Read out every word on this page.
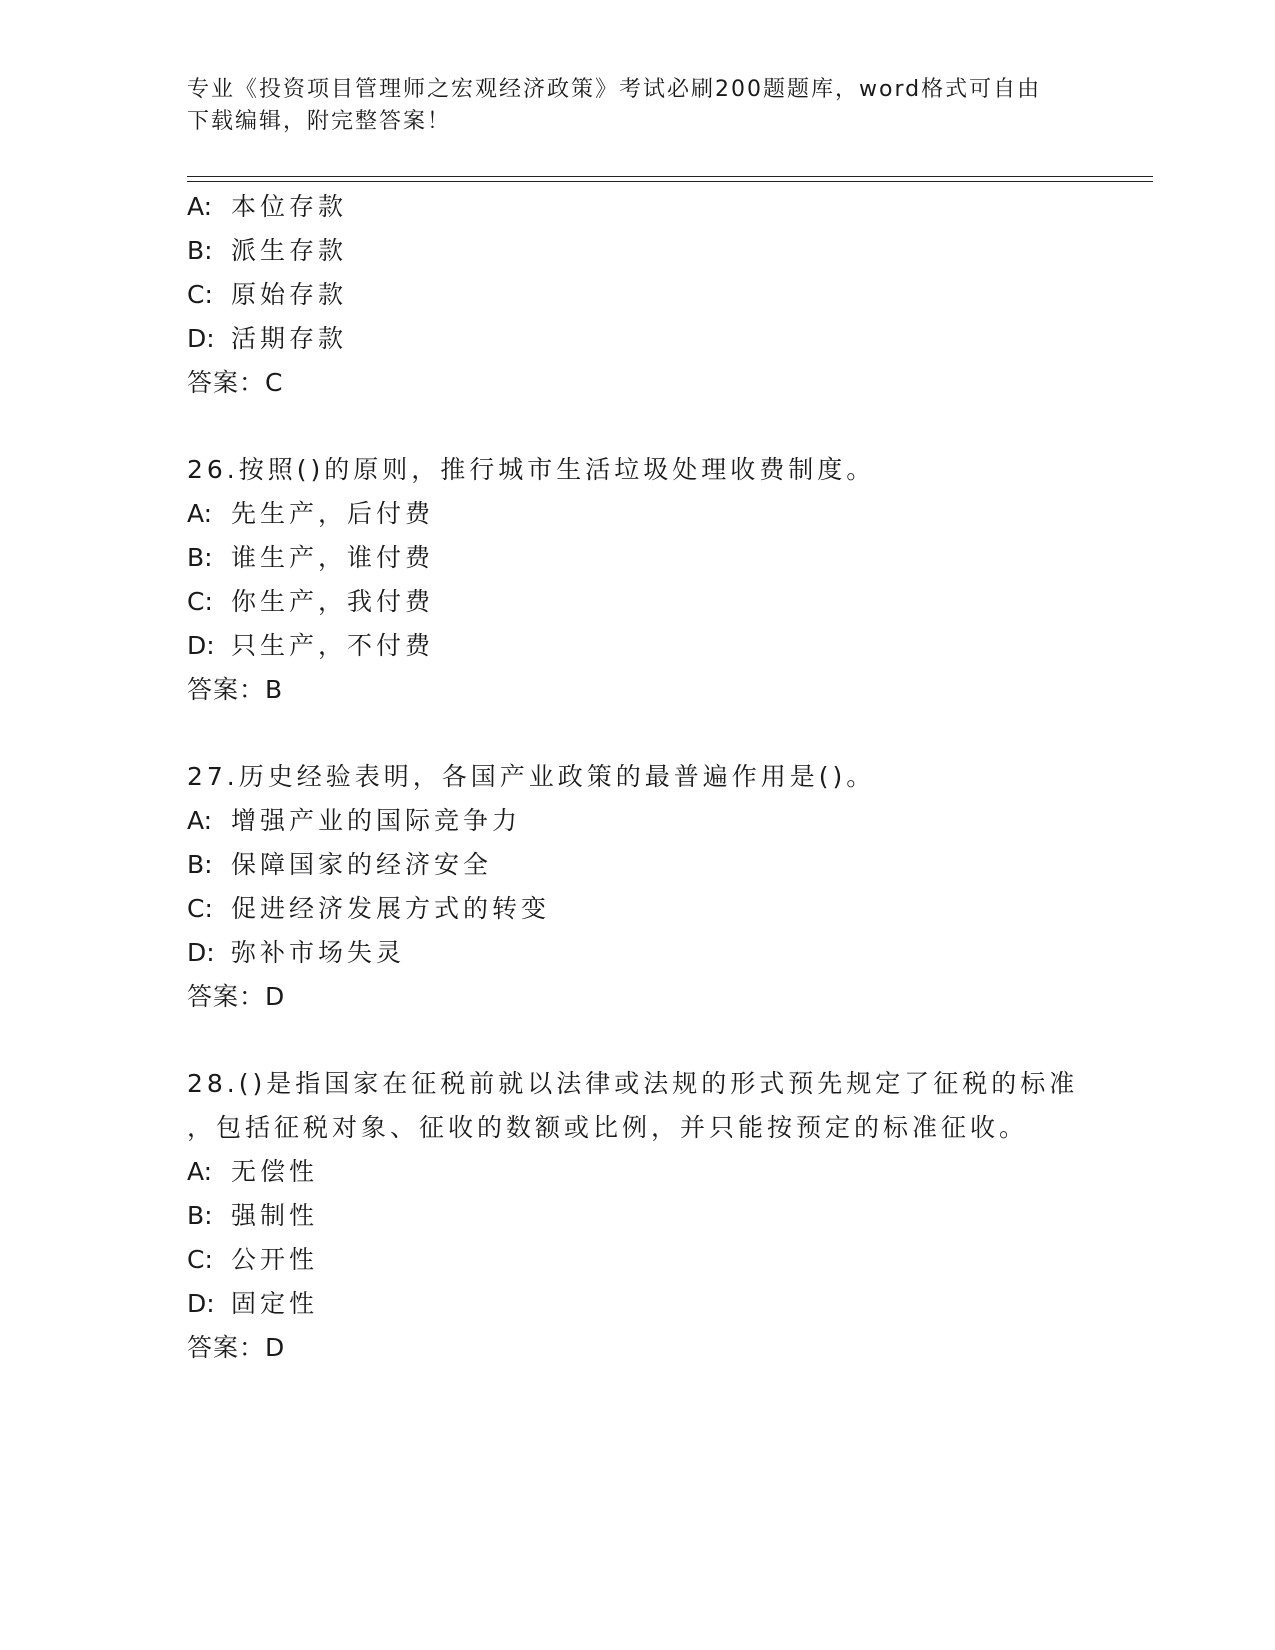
专业《投资项目管理师之宏观经济政策》考试必刷200题题库，word格式可自由
下载编辑，附完整答案！
A: 本位存款
B: 派生存款
C: 原始存款
D: 活期存款
答案：C
26.按照()的原则，推行城市生活垃圾处理收费制度。
A: 先生产，后付费
B: 谁生产，谁付费
C: 你生产，我付费
D: 只生产，不付费
答案：B
27.历史经验表明，各国产业政策的最普遍作用是()。
A: 增强产业的国际竞争力
B: 保障国家的经济安全
C: 促进经济发展方式的转变
D: 弥补市场失灵
答案：D
28.()是指国家在征税前就以法律或法规的形式预先规定了征税的标准
，包括征税对象、征收的数额或比例，并只能按预定的标准征收。
A: 无偿性
B: 强制性
C: 公开性
D: 固定性
答案：D
